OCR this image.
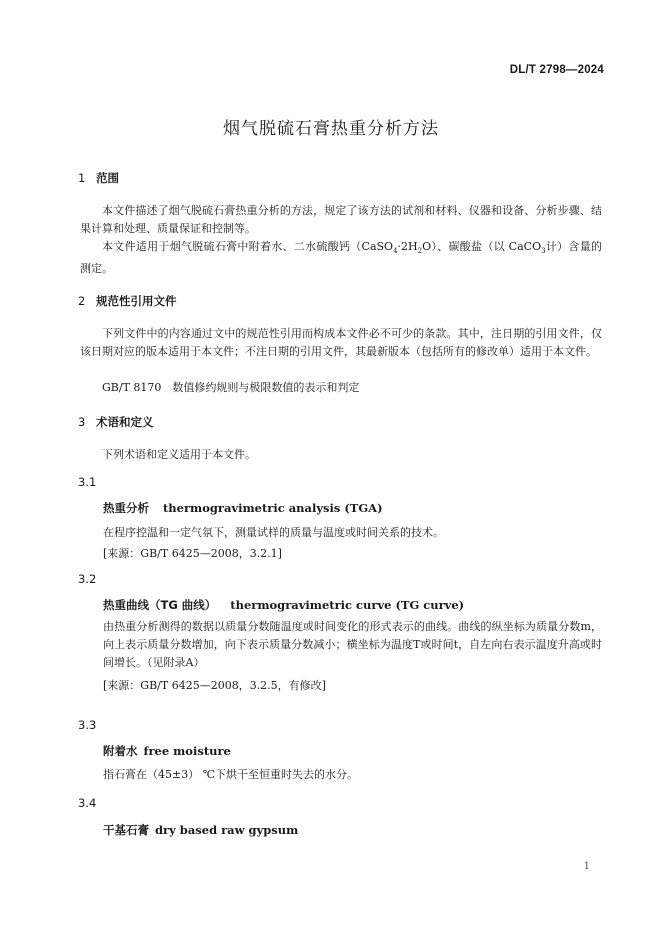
DL/T 2798—2024
烟气脱硫石膏热重分析方法
1 范围
本文件描述了烟气脱硫石膏热重分析的方法，规定了该方法的试剂和材料、仪器和设备、分析步骤、结果计算和处理、质量保证和控制等。
本文件适用于烟气脱硫石膏中附着水、二水硫酸钙$(CaSO_4\cdot 2H_2O)$、碳酸盐（以 CaCO$_3$计）含量的测定。
2 规范性引用文件
下列文件中的内容通过文中的规范性引用而构成本文件必不可少的条款。其中，注日期的引用文件，仅该日期对应的版本适用于本文件；不注日期的引用文件，其最新版本（包括所有的修改单）适用于本文件。
GB/T 8170　数值修约规则与极限数值的表示和判定
3 术语和定义
下列术语和定义适用于本文件。
3.1
热重分析 thermogravimetric analysis (TGA)
在程序控温和一定气氛下，测量试样的质量与温度或时间关系的技术。
[来源：GB/T 6425—2008，3.2.1]
3.2
热重曲线（TG 曲线） thermogravimetric curve (TG curve)
由热重分析测得的数据以质量分数随温度或时间变化的形式表示的曲线。曲线的纵坐标为质量分数m，向上表示质量分数增加，向下表示质量分数减小；横坐标为温度T或时间t，自左向右表示温度升高或时间增长。（见附录A）
[来源：GB/T 6425—2008，3.2.5，有修改]
3.3
附着水 free moisture
指石膏在（45±3） ℃下烘干至恒重时失去的水分。
3.4
干基石膏 dry based raw gypsum
1
